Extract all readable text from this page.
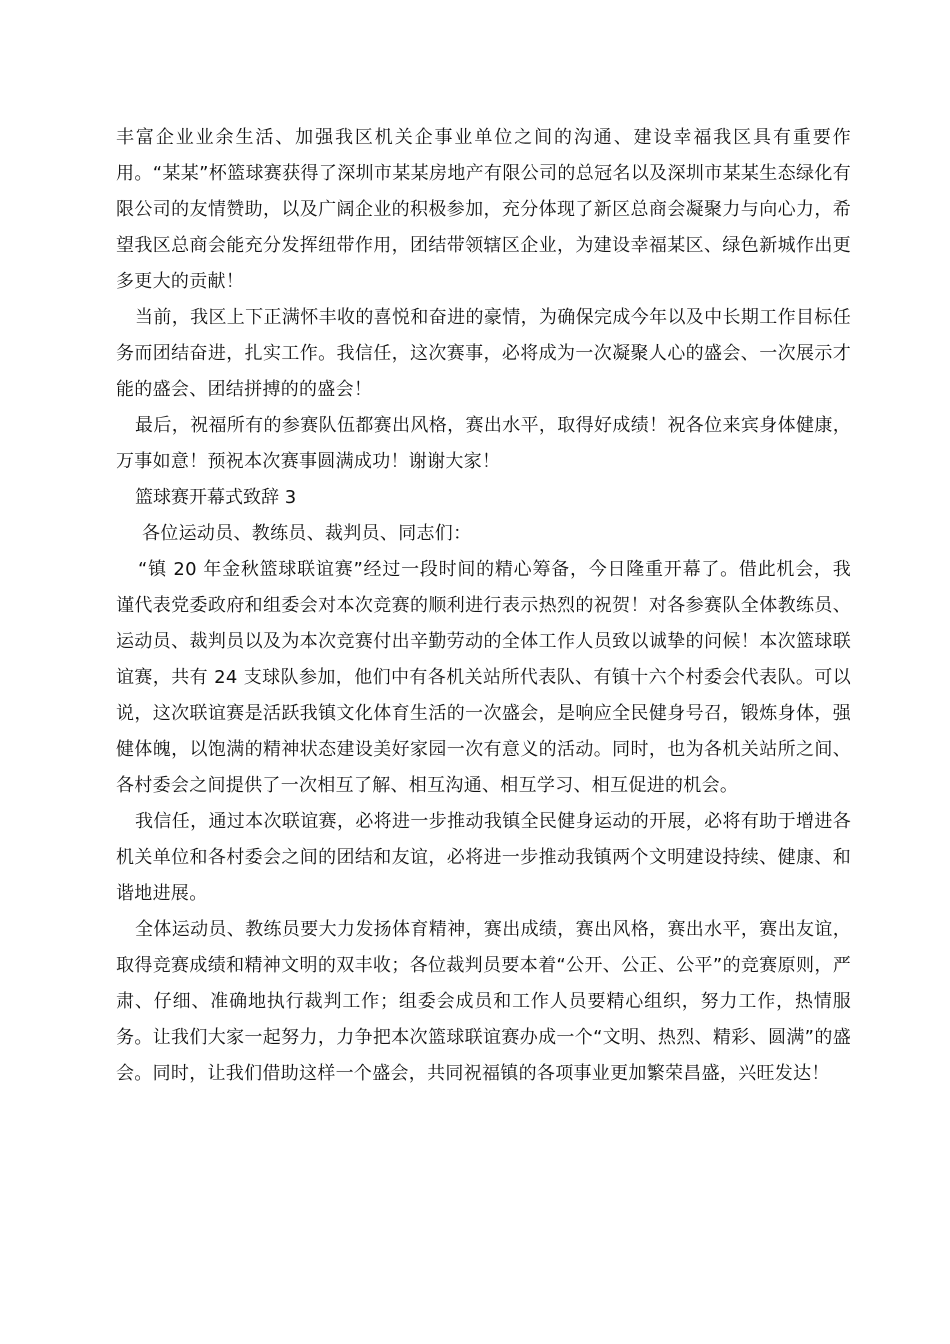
丰富企业业余生活、加强我区机关企事业单位之间的沟通、建设幸福我区具有重要作用。“某某”杯篮球赛获得了深圳市某某房地产有限公司的总冠名以及深圳市某某生态绿化有限公司的友情赞助，以及广阔企业的积极参加，充分体现了新区总商会凝聚力与向心力，希望我区总商会能充分发挥纽带作用，团结带领辖区企业，为建设幸福某区、绿色新城作出更多更大的贡献！

当前，我区上下正满怀丰收的喜悦和奋进的豪情，为确保完成今年以及中长期工作目标任务而团结奋进，扎实工作。我信任，这次赛事，必将成为一次凝聚人心的盛会、一次展示才能的盛会、团结拼搏的的盛会！

最后，祝福所有的参赛队伍都赛出风格，赛出水平，取得好成绩！祝各位来宾身体健康，万事如意！预祝本次赛事圆满成功！谢谢大家！

篮球赛开幕式致辞 3

各位运动员、教练员、裁判员、同志们：

“镇 20 年金秋篮球联谊赛”经过一段时间的精心筹备，今日隆重开幕了。借此机会，我谨代表党委政府和组委会对本次竞赛的顺利进行表示热烈的祝贺！对各参赛队全体教练员、运动员、裁判员以及为本次竞赛付出辛勤劳动的全体工作人员致以诚挚的问候！本次篮球联谊赛，共有 24 支球队参加，他们中有各机关站所代表队、有镇十六个村委会代表队。可以说，这次联谊赛是活跃我镇文化体育生活的一次盛会，是响应全民健身号召，锻炼身体，强健体魄，以饱满的精神状态建设美好家园一次有意义的活动。同时，也为各机关站所之间、各村委会之间提供了一次相互了解、相互沟通、相互学习、相互促进的机会。

我信任，通过本次联谊赛，必将进一步推动我镇全民健身运动的开展，必将有助于增进各机关单位和各村委会之间的团结和友谊，必将进一步推动我镇两个文明建设持续、健康、和谐地进展。

全体运动员、教练员要大力发扬体育精神，赛出成绩，赛出风格，赛出水平，赛出友谊，取得竞赛成绩和精神文明的双丰收；各位裁判员要本着“公开、公正、公平”的竞赛原则，严肃、仔细、准确地执行裁判工作；组委会成员和工作人员要精心组织，努力工作，热情服务。让我们大家一起努力，力争把本次篮球联谊赛办成一个“文明、热烈、精彩、圆满”的盛会。同时，让我们借助这样一个盛会，共同祝福镇的各项事业更加繁荣昌盛，兴旺发达！
